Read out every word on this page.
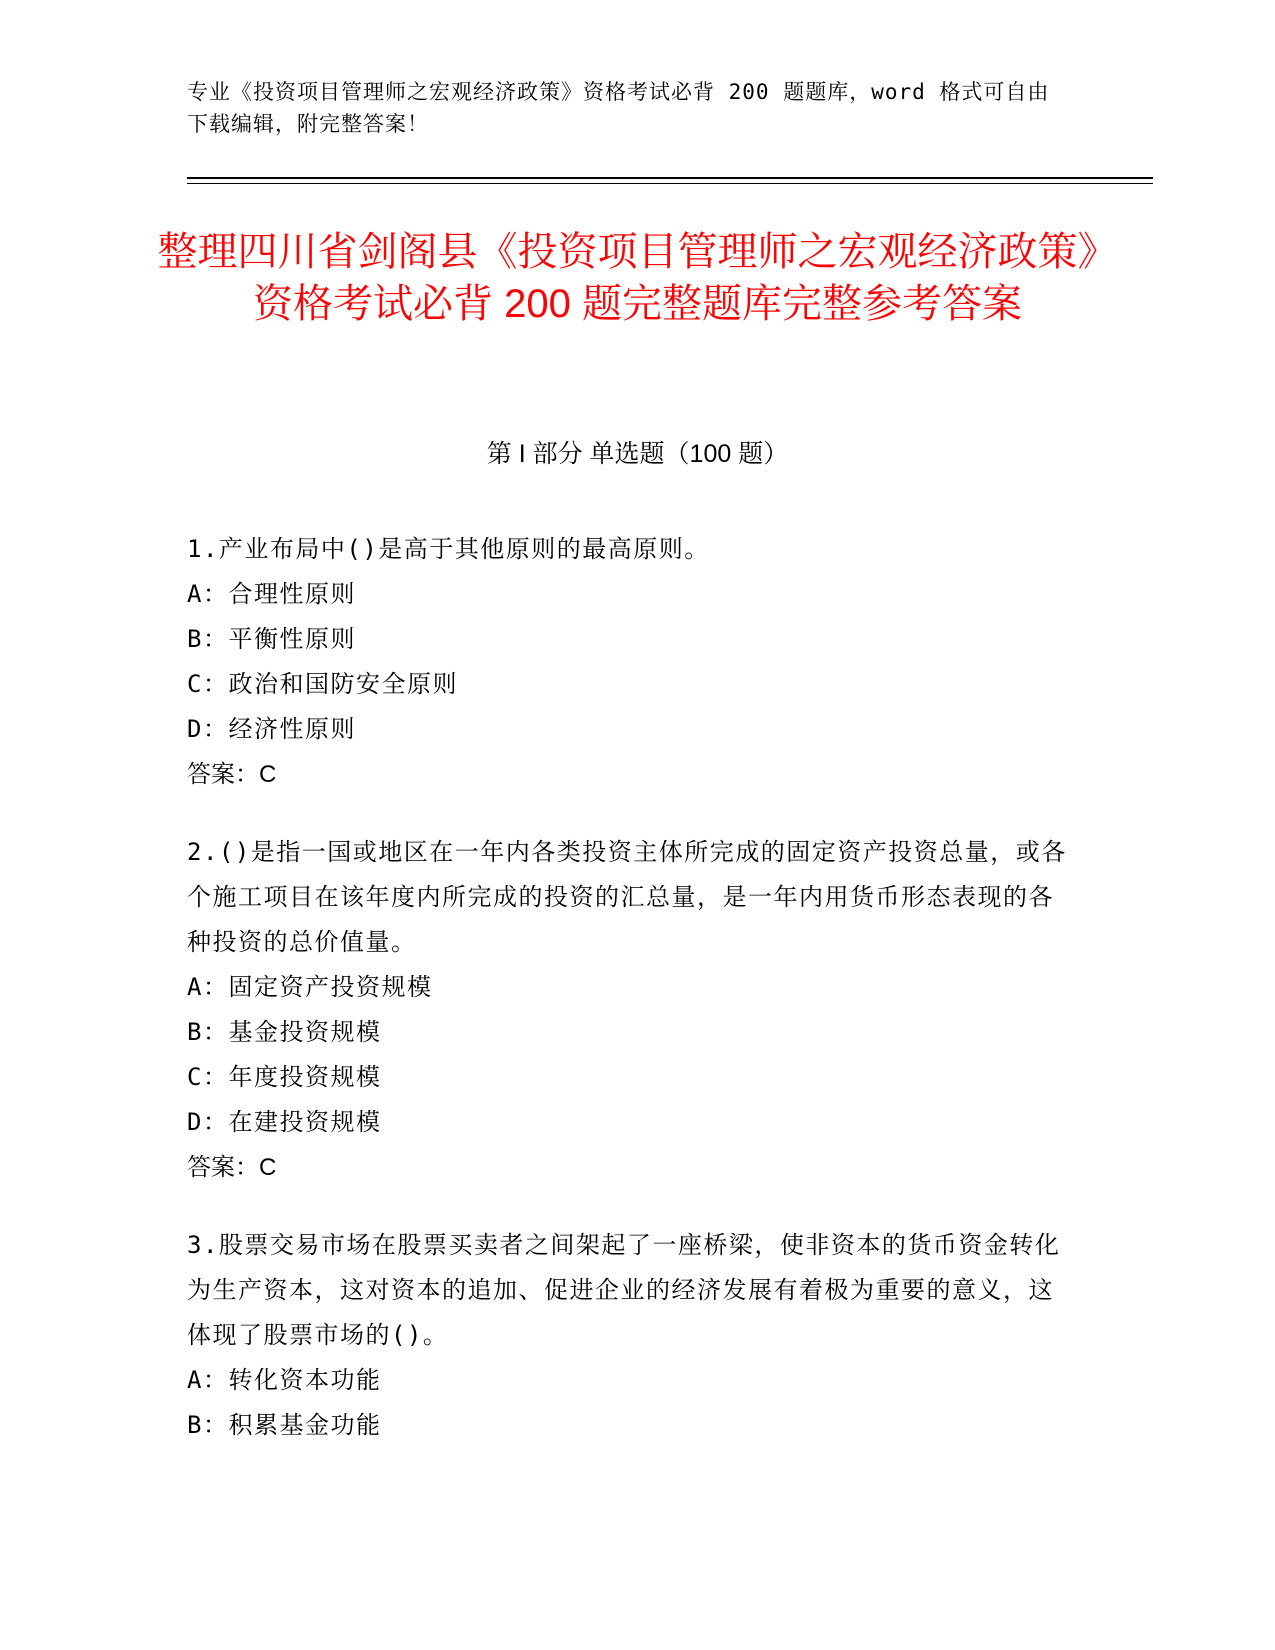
专业《投资项目管理师之宏观经济政策》资格考试必背 200 题题库，word 格式可自由下载编辑，附完整答案！
整理四川省剑阁县《投资项目管理师之宏观经济政策》资格考试必背 200 题完整题库完整参考答案
第 I 部分 单选题（100 题）
1.产业布局中()是高于其他原则的最高原则。
A：合理性原则
B：平衡性原则
C：政治和国防安全原则
D：经济性原则
答案：C
2.()是指一国或地区在一年内各类投资主体所完成的固定资产投资总量，或各个施工项目在该年度内所完成的投资的汇总量，是一年内用货币形态表现的各种投资的总价值量。
A：固定资产投资规模
B：基金投资规模
C：年度投资规模
D：在建投资规模
答案：C
3.股票交易市场在股票买卖者之间架起了一座桥梁，使非资本的货币资金转化为生产资本，这对资本的追加、促进企业的经济发展有着极为重要的意义，这体现了股票市场的()。
A：转化资本功能
B：积累基金功能
